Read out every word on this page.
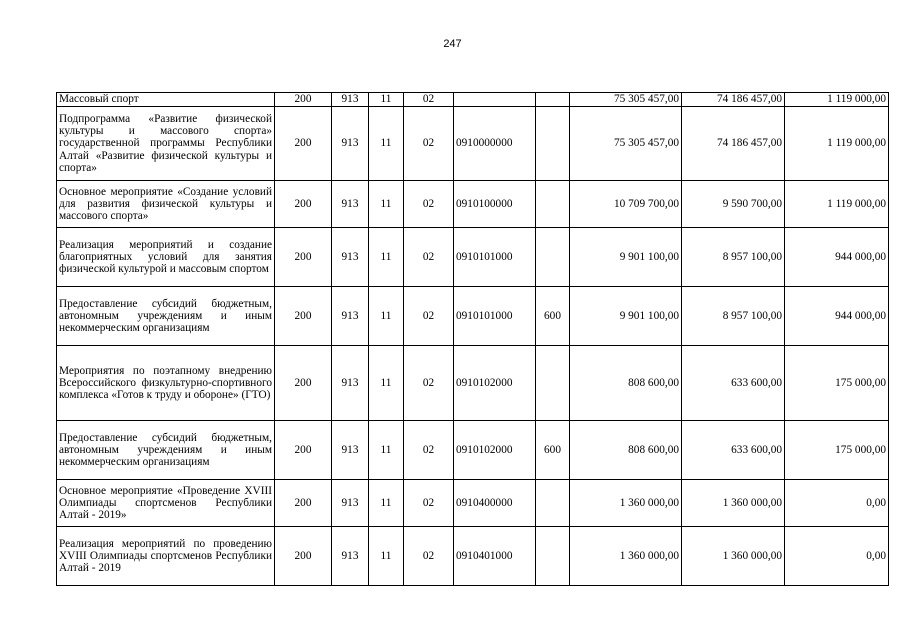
247
Массовый спорт	200	913	11	02			75 305 457,00	74 186 457,00	1 119 000,00
Подпрограмма «Развитие физической культуры и массового спорта» государственной программы Республики Алтай «Развитие физической культуры и спорта»	200	913	11	02	0910000000		75 305 457,00	74 186 457,00	1 119 000,00
Основное мероприятие «Создание условий для развития физической культуры и массового спорта»	200	913	11	02	0910100000		10 709 700,00	9 590 700,00	1 119 000,00
Реализация мероприятий и создание благоприятных условий для занятия физической культурой и массовым спортом	200	913	11	02	0910101000		9 901 100,00	8 957 100,00	944 000,00
Предоставление субсидий бюджетным, автономным учреждениям и иным некоммерческим организациям	200	913	11	02	0910101000	600	9 901 100,00	8 957 100,00	944 000,00
Мероприятия по поэтапному внедрению Всероссийского физкультурно-спортивного комплекса «Готов к труду и обороне» (ГТО)	200	913	11	02	0910102000		808 600,00	633 600,00	175 000,00
Предоставление субсидий бюджетным, автономным учреждениям и иным некоммерческим организациям	200	913	11	02	0910102000	600	808 600,00	633 600,00	175 000,00
Основное мероприятие «Проведение XVIII Олимпиады спортсменов Республики Алтай - 2019»	200	913	11	02	0910400000		1 360 000,00	1 360 000,00	0,00
Реализация мероприятий по проведению XVIII Олимпиады спортсменов Республики Алтай - 2019	200	913	11	02	0910401000		1 360 000,00	1 360 000,00	0,00
